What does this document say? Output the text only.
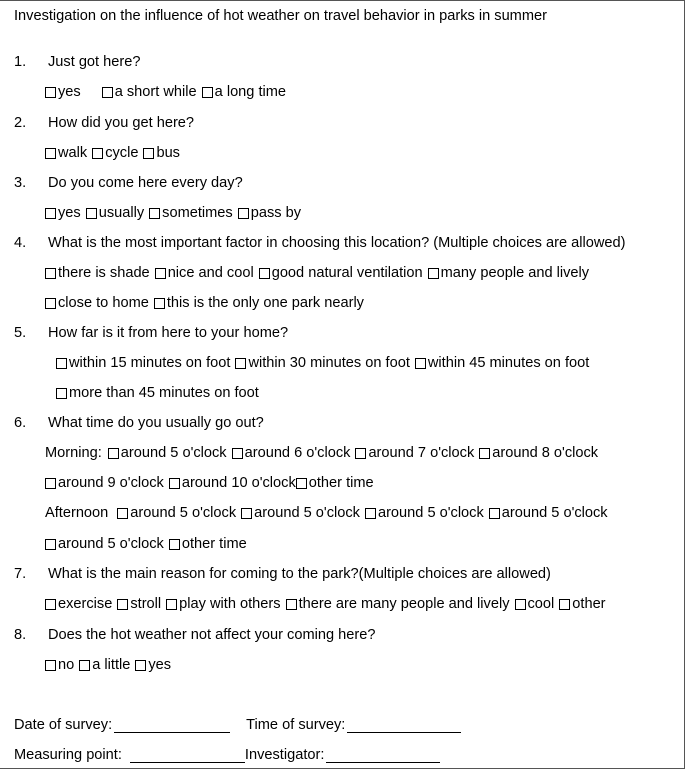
Investigation on the influence of hot weather on travel behavior in parks in summer
1. Just got here?
yes a short while a long time
2. How did you get here?
walk cycle bus
3. Do you come here every day?
yes usually sometimes pass by
4. What is the most important factor in choosing this location? (Multiple choices are allowed)
there is shade nice and cool good natural ventilation many people and lively
close to home this is the only one park nearly
5. How far is it from here to your home?
within 15 minutes on foot within 30 minutes on foot within 45 minutes on foot
more than 45 minutes on foot
6. What time do you usually go out?
Morning: around 5 o'clock around 6 o'clock around 7 o'clock around 8 o'clock
around 9 o'clock around 10 o'clock other time
Afternoon around 5 o'clock around 5 o'clock around 5 o'clock around 5 o'clock
around 5 o'clock other time
7. What is the main reason for coming to the park?(Multiple choices are allowed)
exercise stroll play with others there are many people and lively cool other
8. Does the hot weather not affect your coming here?
no a little yes
Date of survey:	Time of survey:
Measuring point:	Investigator:
